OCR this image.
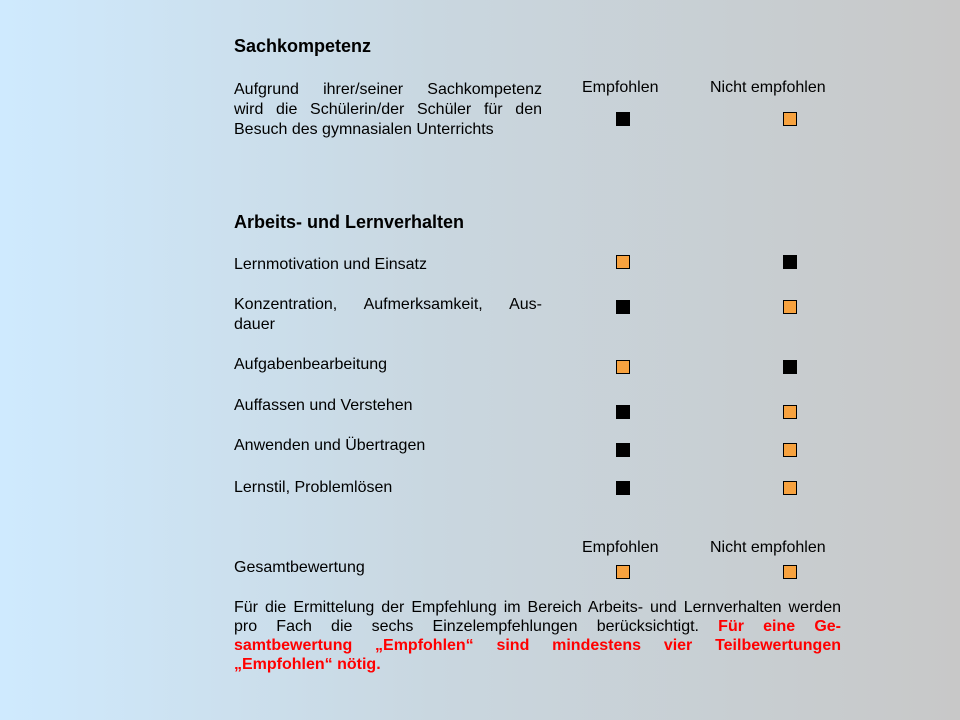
Sachkompetenz
Aufgrund ihrer/seiner Sachkompetenz
wird die Schülerin/der Schüler für den
Besuch des gymnasialen Unterrichts
Empfohlen	Nicht empfohlen
Arbeits- und Lernverhalten
Lernmotivation und Einsatz
Konzentration, Aufmerksamkeit, Aus-
dauer
Aufgabenbearbeitung
Auffassen und Verstehen
Anwenden und Übertragen
Lernstil, Problemlösen
Empfohlen	Nicht empfohlen
Gesamtbewertung
Für die Ermittelung der Empfehlung im Bereich Arbeits- und Lernverhalten werden pro Fach die sechs Einzelempfehlungen berücksichtigt. Für eine Ge-samtbewertung „Empfohlen“ sind mindestens vier Teilbewertungen „Empfohlen“ nötig.
